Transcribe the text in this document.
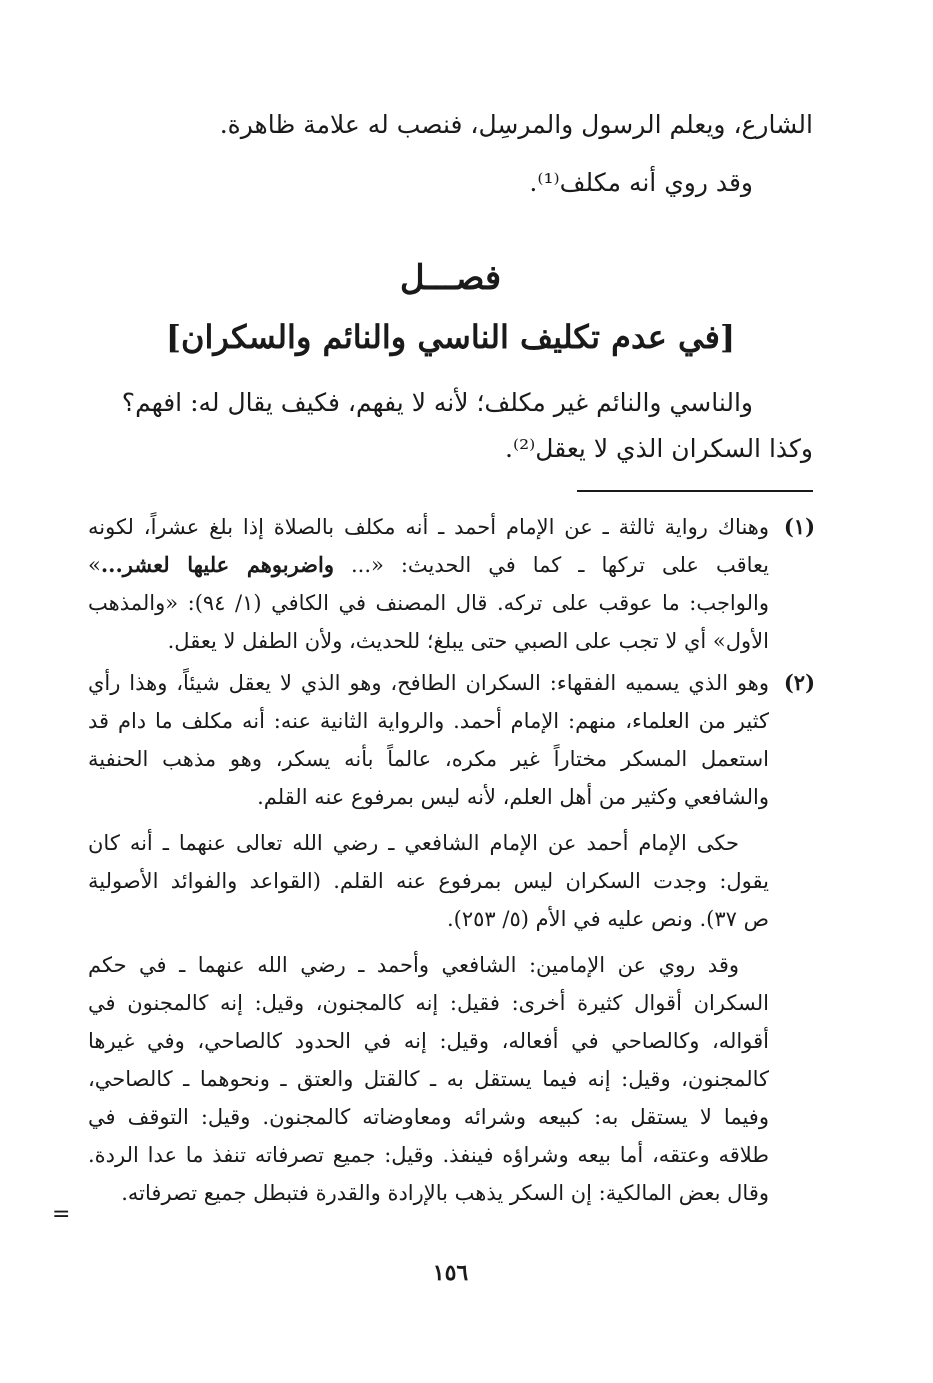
الشارع، ويعلم الرسول والمرسِل، فنصب له علامة ظاهرة.

وقد روي أنه مكلف⁽¹⁾.

فصـــل
[في عدم تكليف الناسي والنائم والسكران]

والناسي والنائم غير مكلف؛ لأنه لا يفهم، فكيف يقال له: افهم؟

وكذا السكران الذي لا يعقل⁽²⁾.

(١)

وهناك رواية ثالثة ـ عن الإمام أحمد ـ أنه مكلف بالصلاة إذا بلغ عشراً، لكونه

يعاقب على تركها ـ كما في الحديث: «... واضربوهم عليها لعشر...»

والواجب: ما عوقب على تركه. قال المصنف في الكافي (١/ ٩٤): «والمذهب

الأول» أي لا تجب على الصبي حتى يبلغ؛ للحديث، ولأن الطفل لا يعقل.

(٢)

وهو الذي يسميه الفقهاء: السكران الطافح، وهو الذي لا يعقل شيئاً، وهذا رأي

كثير من العلماء، منهم: الإمام أحمد. والرواية الثانية عنه: أنه مكلف ما دام قد

استعمل المسكر مختاراً غير مكره، عالماً بأنه يسكر، وهو مذهب الحنفية

والشافعي وكثير من أهل العلم، لأنه ليس بمرفوع عنه القلم.

حكى الإمام أحمد عن الإمام الشافعي ـ رضي الله تعالى عنهما ـ أنه كان

يقول: وجدت السكران ليس بمرفوع عنه القلم. (القواعد والفوائد الأصولية

ص ٣٧). ونص عليه في الأم (٥/ ٢٥٣).

وقد روي عن الإمامين: الشافعي وأحمد ـ رضي الله عنهما ـ في حكم

السكران أقوال كثيرة أخرى: فقيل: إنه كالمجنون، وقيل: إنه كالمجنون في

أقواله، وكالصاحي في أفعاله، وقيل: إنه في الحدود كالصاحي، وفي غيرها

كالمجنون، وقيل: إنه فيما يستقل به ـ كالقتل والعتق ـ ونحوهما ـ كالصاحي،

وفيما لا يستقل به: كبيعه وشرائه ومعاوضاته كالمجنون. وقيل: التوقف في

طلاقه وعتقه، أما بيعه وشراؤه فينفذ. وقيل: جميع تصرفاته تنفذ ما عدا الردة.

وقال بعض المالكية: إن السكر يذهب بالإرادة والقدرة فتبطل جميع تصرفاته.

١٥٦
=
